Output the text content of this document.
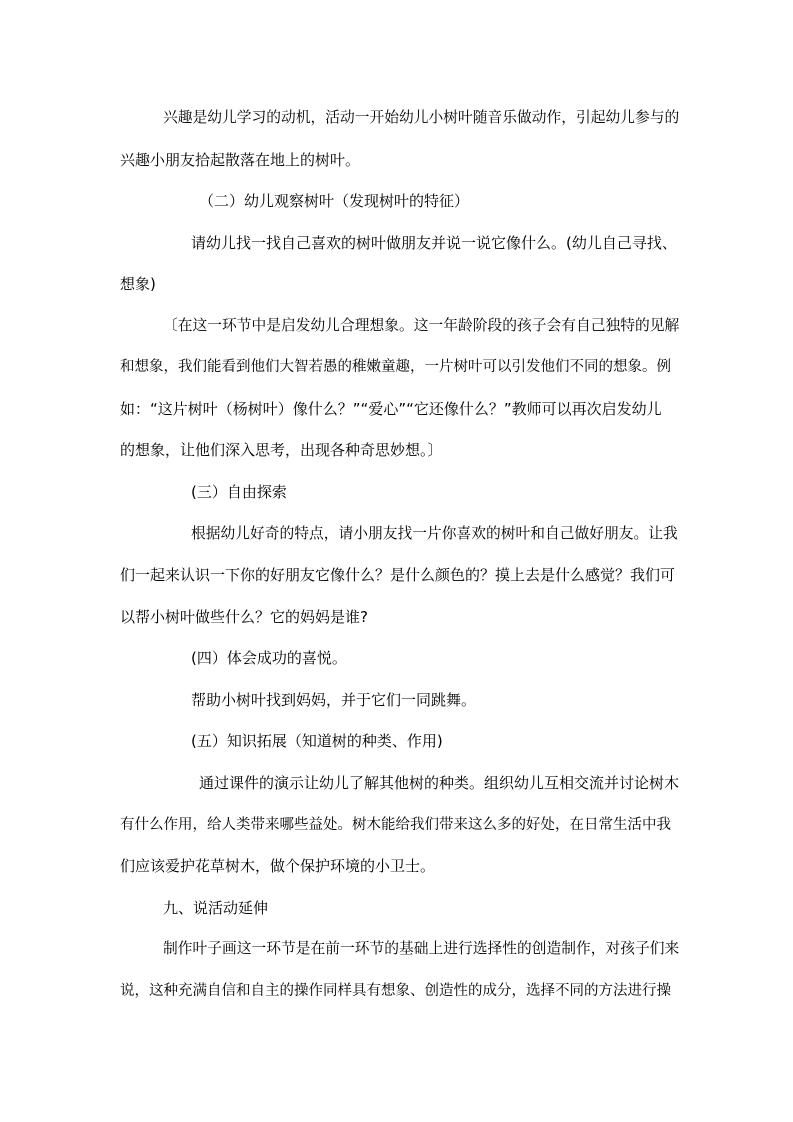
兴趣是幼儿学习的动机，活动一开始幼儿小树叶随音乐做动作，引起幼儿参与的
兴趣小朋友拾起散落在地上的树叶。
（二）幼儿观察树叶（发现树叶的特征）
请幼儿找一找自己喜欢的树叶做朋友并说一说它像什么。(幼儿自己寻找、
想象)
〔在这一环节中是启发幼儿合理想象。这一年龄阶段的孩子会有自己独特的见解
和想象，我们能看到他们大智若愚的稚嫩童趣，一片树叶可以引发他们不同的想象。例
如：“这片树叶（杨树叶）像什么？”“爱心”“它还像什么？”教师可以再次启发幼儿
的想象，让他们深入思考，出现各种奇思妙想。〕
(三）自由探索
根据幼儿好奇的特点，请小朋友找一片你喜欢的树叶和自己做好朋友。让我
们一起来认识一下你的好朋友它像什么？是什么颜色的？摸上去是什么感觉？我们可
以帮小树叶做些什么？它的妈妈是谁?
(四）体会成功的喜悦。
帮助小树叶找到妈妈，并于它们一同跳舞。
(五）知识拓展（知道树的种类、作用)
通过课件的演示让幼儿了解其他树的种类。组织幼儿互相交流并讨论树木
有什么作用，给人类带来哪些益处。树木能给我们带来这么多的好处，在日常生活中我
们应该爱护花草树木，做个保护环境的小卫士。
九、说活动延伸
制作叶子画这一环节是在前一环节的基础上进行选择性的创造制作，对孩子们来
说，这种充满自信和自主的操作同样具有想象、创造性的成分，选择不同的方法进行操
